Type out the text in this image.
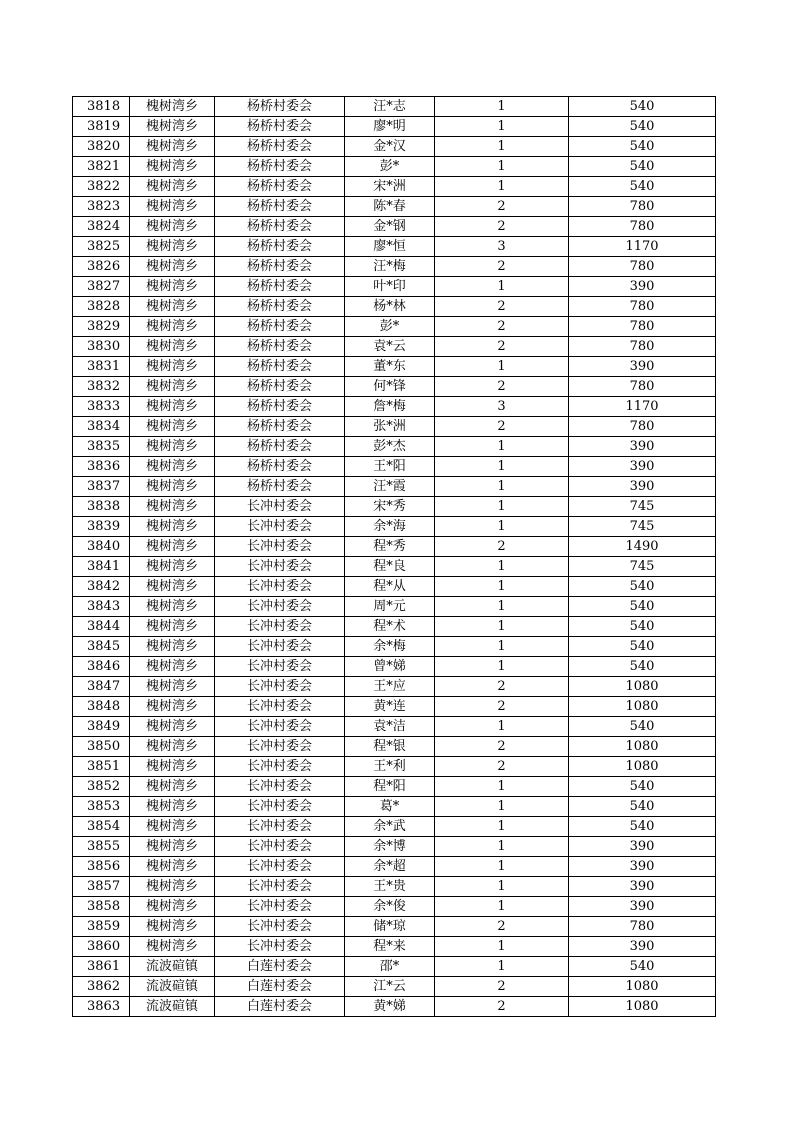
3818	槐树湾乡	杨桥村委会	汪*志	1	540
3819	槐树湾乡	杨桥村委会	廖*明	1	540
3820	槐树湾乡	杨桥村委会	金*汉	1	540
3821	槐树湾乡	杨桥村委会	彭*	1	540
3822	槐树湾乡	杨桥村委会	宋*洲	1	540
3823	槐树湾乡	杨桥村委会	陈*春	2	780
3824	槐树湾乡	杨桥村委会	金*钢	2	780
3825	槐树湾乡	杨桥村委会	廖*恒	3	1170
3826	槐树湾乡	杨桥村委会	汪*梅	2	780
3827	槐树湾乡	杨桥村委会	叶*印	1	390
3828	槐树湾乡	杨桥村委会	杨*林	2	780
3829	槐树湾乡	杨桥村委会	彭*	2	780
3830	槐树湾乡	杨桥村委会	袁*云	2	780
3831	槐树湾乡	杨桥村委会	董*东	1	390
3832	槐树湾乡	杨桥村委会	何*锋	2	780
3833	槐树湾乡	杨桥村委会	詹*梅	3	1170
3834	槐树湾乡	杨桥村委会	张*洲	2	780
3835	槐树湾乡	杨桥村委会	彭*杰	1	390
3836	槐树湾乡	杨桥村委会	王*阳	1	390
3837	槐树湾乡	杨桥村委会	汪*霞	1	390
3838	槐树湾乡	长冲村委会	宋*秀	1	745
3839	槐树湾乡	长冲村委会	余*海	1	745
3840	槐树湾乡	长冲村委会	程*秀	2	1490
3841	槐树湾乡	长冲村委会	程*良	1	745
3842	槐树湾乡	长冲村委会	程*从	1	540
3843	槐树湾乡	长冲村委会	周*元	1	540
3844	槐树湾乡	长冲村委会	程*术	1	540
3845	槐树湾乡	长冲村委会	余*梅	1	540
3846	槐树湾乡	长冲村委会	曾*娣	1	540
3847	槐树湾乡	长冲村委会	王*应	2	1080
3848	槐树湾乡	长冲村委会	黄*连	2	1080
3849	槐树湾乡	长冲村委会	袁*洁	1	540
3850	槐树湾乡	长冲村委会	程*银	2	1080
3851	槐树湾乡	长冲村委会	王*利	2	1080
3852	槐树湾乡	长冲村委会	程*阳	1	540
3853	槐树湾乡	长冲村委会	葛*	1	540
3854	槐树湾乡	长冲村委会	余*武	1	540
3855	槐树湾乡	长冲村委会	余*博	1	390
3856	槐树湾乡	长冲村委会	余*超	1	390
3857	槐树湾乡	长冲村委会	王*贵	1	390
3858	槐树湾乡	长冲村委会	余*俊	1	390
3859	槐树湾乡	长冲村委会	储*琼	2	780
3860	槐树湾乡	长冲村委会	程*来	1	390
3861	流波碹镇	白莲村委会	邵*	1	540
3862	流波碹镇	白莲村委会	江*云	2	1080
3863	流波碹镇	白莲村委会	黄*娣	2	1080
